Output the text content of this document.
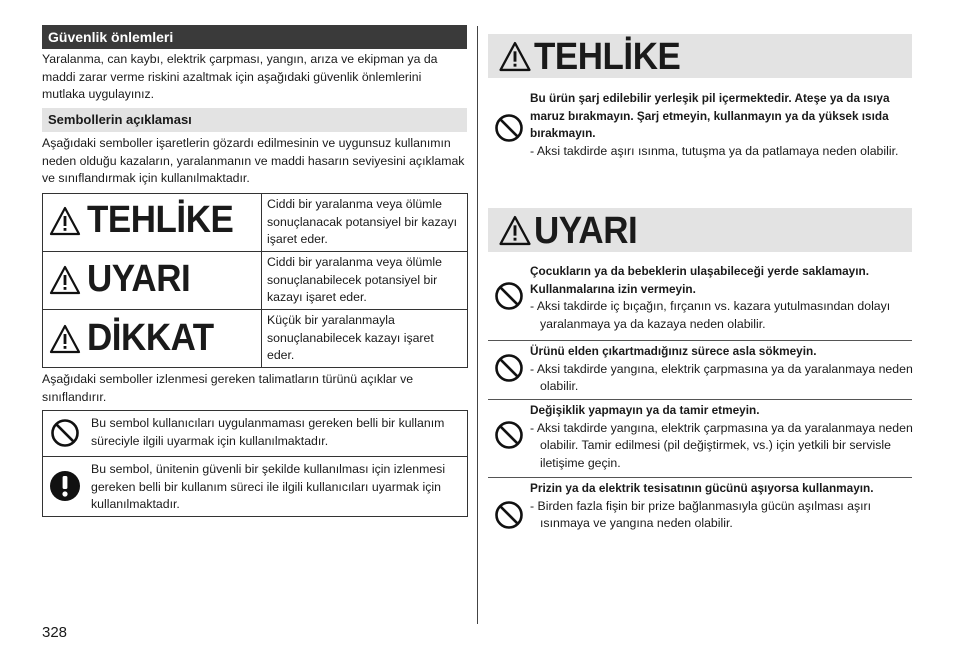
Güvenlik önlemleri
Yaralanma, can kaybı, elektrik çarpması, yangın, arıza ve ekipman ya da maddi zarar verme riskini azaltmak için aşağıdaki güvenlik önlemlerini mutlaka uygulayınız.
Sembollerin açıklaması
Aşağıdaki semboller işaretlerin gözardı edilmesinin ve uygunsuz kullanımın neden olduğu kazaların, yaralanmanın ve maddi hasarın seviyesini açıklamak ve sınıflandırmak için kullanılmaktadır.
TEHLİKE	Ciddi bir yaralanma veya ölümle sonuçlanacak potansiyel bir kazayı işaret eder.
UYARI	Ciddi bir yaralanma veya ölümle sonuçlanabilecek potansiyel bir kazayı işaret eder.
DİKKAT	Küçük bir yaralanmayla sonuçlanabilecek kazayı işaret eder.
Aşağıdaki semboller izlenmesi gereken talimatların türünü açıklar ve sınıflandırır.
Bu sembol kullanıcıları uygulanmaması gereken belli bir kullanım süreciyle ilgili uyarmak için kullanılmaktadır.
Bu sembol, ünitenin güvenli bir şekilde kullanılması için izlenmesi gereken belli bir kullanım süreci ile ilgili kullanıcıları uyarmak için kullanılmaktadır.
328
TEHLİKE
Bu ürün şarj edilebilir yerleşik pil içermektedir. Ateşe ya da ısıya maruz bırakmayın. Şarj etmeyin, kullanmayın ya da yüksek ısıda bırakmayın.
- Aksi takdirde aşırı ısınma, tutuşma ya da patlamaya neden olabilir.
UYARI
Çocukların ya da bebeklerin ulaşabileceği yerde saklamayın. Kullanmalarına izin vermeyin.
- Aksi takdirde iç bıçağın, fırçanın vs. kazara yutulmasından dolayı yaralanmaya ya da kazaya neden olabilir.
Ürünü elden çıkartmadığınız sürece asla sökmeyin.
- Aksi takdirde yangına, elektrik çarpmasına ya da yaralanmaya neden olabilir.
Değişiklik yapmayın ya da tamir etmeyin.
- Aksi takdirde yangına, elektrik çarpmasına ya da yaralanmaya neden olabilir. Tamir edilmesi (pil değiştirmek, vs.) için yetkili bir servisle iletişime geçin.
Prizin ya da elektrik tesisatının gücünü aşıyorsa kullanmayın.
- Birden fazla fişin bir prize bağlanmasıyla gücün aşılması aşırı ısınmaya ve yangına neden olabilir.
